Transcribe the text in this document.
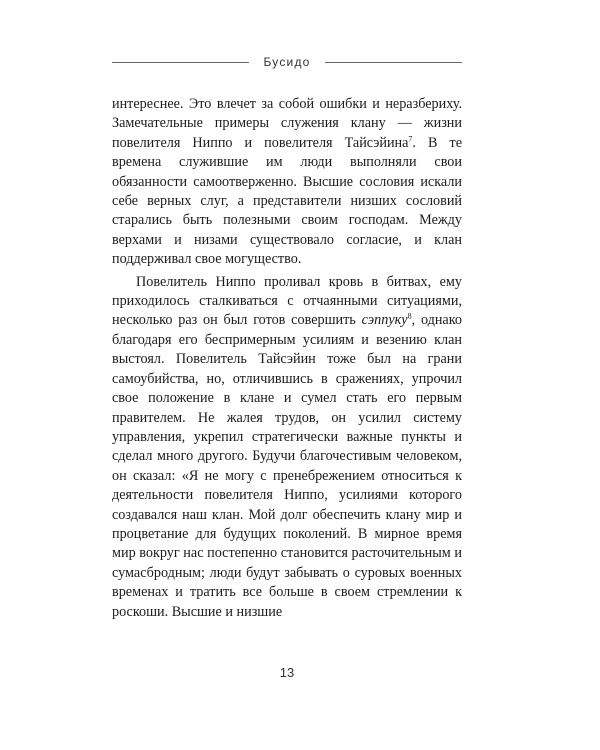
Бусидо

интереснее. Это влечет за собой ошибки и неразбериху. Замечательные примеры служения клану — жизни повелителя Ниппо и повелителя Тайсэйина$^7$. В те времена служившие им люди выполняли свои обязанности самоотверженно. Высшие сословия искали себе верных слуг, а представители низших сословий старались быть полезными своим господам. Между верхами и низами существовало согласие, и клан поддерживал свое могущество.

Повелитель Ниппо проливал кровь в битвах, ему приходилось сталкиваться с отчаянными ситуациями, несколько раз он был готов совершить сэппуку$^8$, однако благодаря его беспримерным усилиям и везению клан выстоял. Повелитель Тайсэйин тоже был на грани самоубийства, но, отличившись в сражениях, упрочил свое положение в клане и сумел стать его первым правителем. Не жалея трудов, он усилил систему управления, укрепил стратегически важные пункты и сделал много другого. Будучи благочестивым человеком, он сказал: «Я не могу с пренебрежением относиться к деятельности повелителя Ниппо, усилиями которого создавался наш клан. Мой долг обеспечить клану мир и процветание для будущих поколений. В мирное время мир вокруг нас постепенно становится расточительным и сумасбродным; люди будут забывать о суровых военных временах и тратить все больше в своем стремлении к роскоши. Высшие и низшие

13
